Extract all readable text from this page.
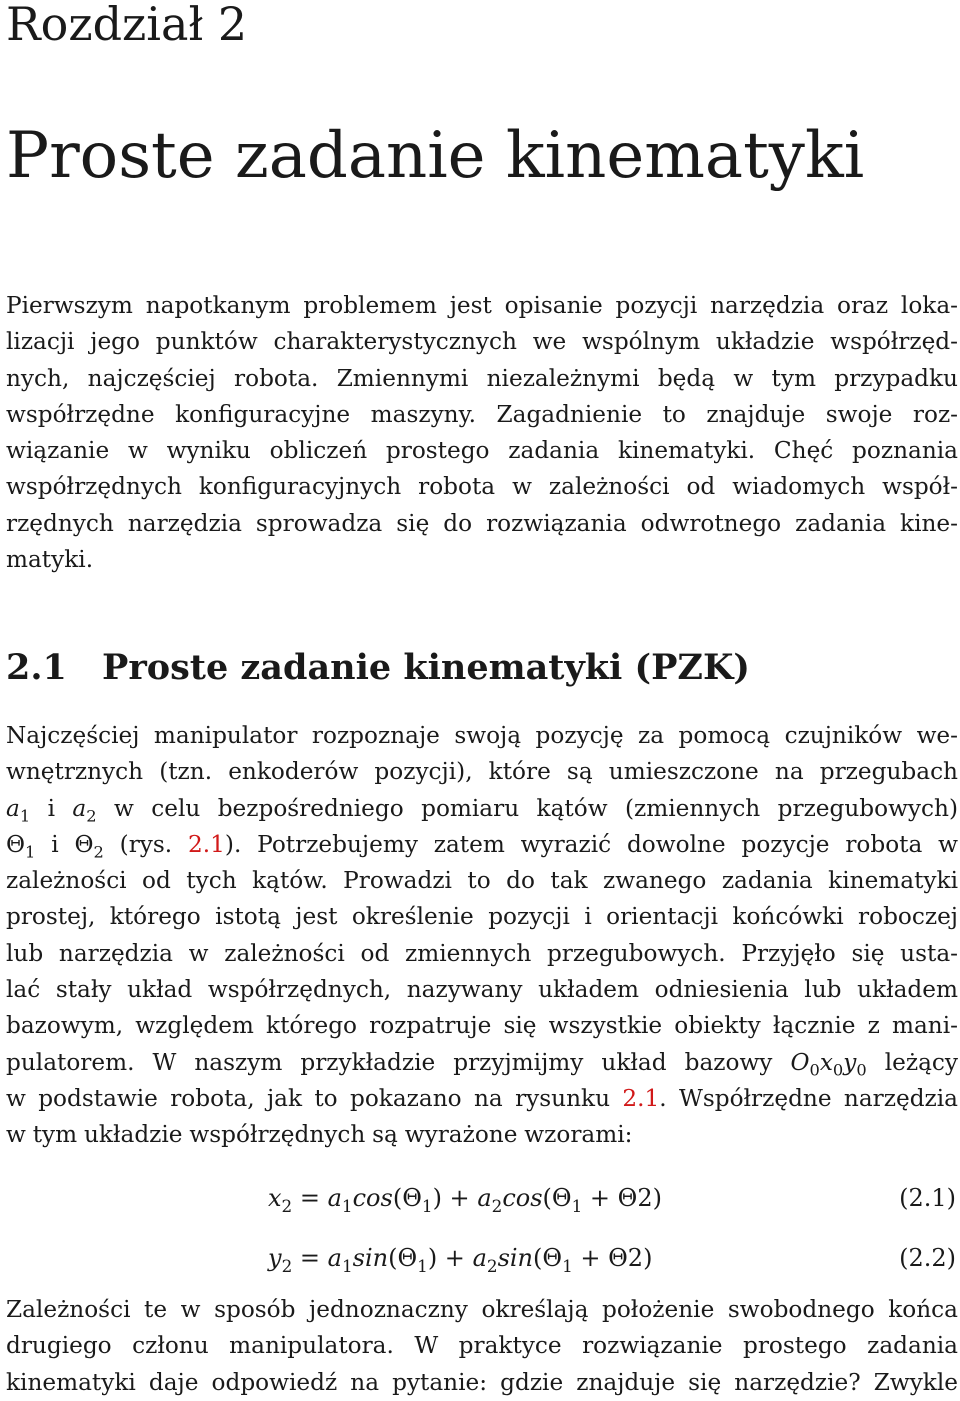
Rozdział 2
Proste zadanie kinematyki
Pierwszym napotkanym problemem jest opisanie pozycji narzędzia oraz loka-
lizacji jego punktów charakterystycznych we wspólnym układzie współrzęd-
nych, najczęściej robota. Zmiennymi niezależnymi będą w tym przypadku
współrzędne konfiguracyjne maszyny. Zagadnienie to znajduje swoje roz-
wiązanie w wyniku obliczeń prostego zadania kinematyki. Chęć poznania
współrzędnych konfiguracyjnych robota w zależności od wiadomych współ-
rzędnych narzędzia sprowadza się do rozwiązania odwrotnego zadania kine-
matyki.
2.1 Proste zadanie kinematyki (PZK)
Najczęściej manipulator rozpoznaje swoją pozycję za pomocą czujników we-
wnętrznych (tzn. enkoderów pozycji), które są umieszczone na przegubach
$a_1$ i $a_2$ w celu bezpośredniego pomiaru kątów (zmiennych przegubowych)
$\Theta_1$ i $\Theta_2$ (rys. 2.1). Potrzebujemy zatem wyrazić dowolne pozycje robota w
zależności od tych kątów. Prowadzi to do tak zwanego zadania kinematyki
prostej, którego istotą jest określenie pozycji i orientacji końcówki roboczej
lub narzędzia w zależności od zmiennych przegubowych. Przyjęło się usta-
lać stały układ współrzędnych, nazywany układem odniesienia lub układem
bazowym, względem którego rozpatruje się wszystkie obiekty łącznie z mani-
pulatorem. W naszym przykładzie przyjmijmy układ bazowy $O_0x_0y_0$ leżący
w podstawie robota, jak to pokazano na rysunku 2.1. Współrzędne narzędzia
w tym układzie współrzędnych są wyrażone wzorami:
$x_2 = a_1\cos(\Theta_1) + a_2\cos(\Theta_1 + \Theta 2)$	(2.1)
$y_2 = a_1\sin(\Theta_1) + a_2\sin(\Theta_1 + \Theta 2)$	(2.2)
Zależności te w sposób jednoznaczny określają położenie swobodnego końca
drugiego członu manipulatora. W praktyce rozwiązanie prostego zadania
kinematyki daje odpowiedź na pytanie: gdzie znajduje się narzędzie? Zwykle
